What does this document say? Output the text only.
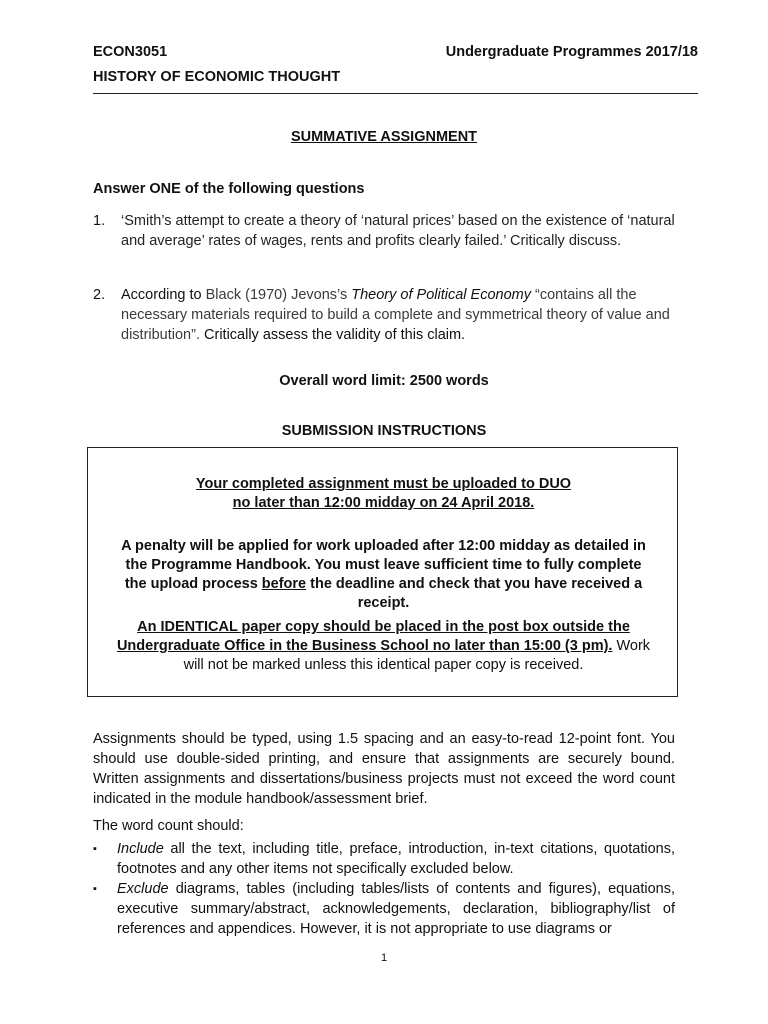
ECON3051	Undergraduate Programmes 2017/18
HISTORY OF ECONOMIC THOUGHT
SUMMATIVE ASSIGNMENT
Answer ONE of the following questions
1. ‘Smith’s attempt to create a theory of ‘natural prices’ based on the existence of ‘natural and average’ rates of wages, rents and profits clearly failed.’ Critically discuss.
2. According to Black (1970) Jevons’s Theory of Political Economy “contains all the necessary materials required to build a complete and symmetrical theory of value and distribution”. Critically assess the validity of this claim.
Overall word limit: 2500 words
SUBMISSION INSTRUCTIONS
Your completed assignment must be uploaded to DUO
no later than 12:00 midday on 24 April 2018.
A penalty will be applied for work uploaded after 12:00 midday as detailed in
the Programme Handbook. You must leave sufficient time to fully complete
the upload process before the deadline and check that you have received a
receipt.
An IDENTICAL paper copy should be placed in the post box outside the
Undergraduate Office in the Business School no later than 15:00 (3 pm). Work
will not be marked unless this identical paper copy is received.
Assignments should be typed, using 1.5 spacing and an easy-to-read 12-point font. You should use double-sided printing, and ensure that assignments are securely bound. Written assignments and dissertations/business projects must not exceed the word count indicated in the module handbook/assessment brief.
The word count should:
▪ Include all the text, including title, preface, introduction, in-text citations, quotations, footnotes and any other items not specifically excluded below.
▪ Exclude diagrams, tables (including tables/lists of contents and figures), equations, executive summary/abstract, acknowledgements, declaration, bibliography/list of references and appendices. However, it is not appropriate to use diagrams or
1
